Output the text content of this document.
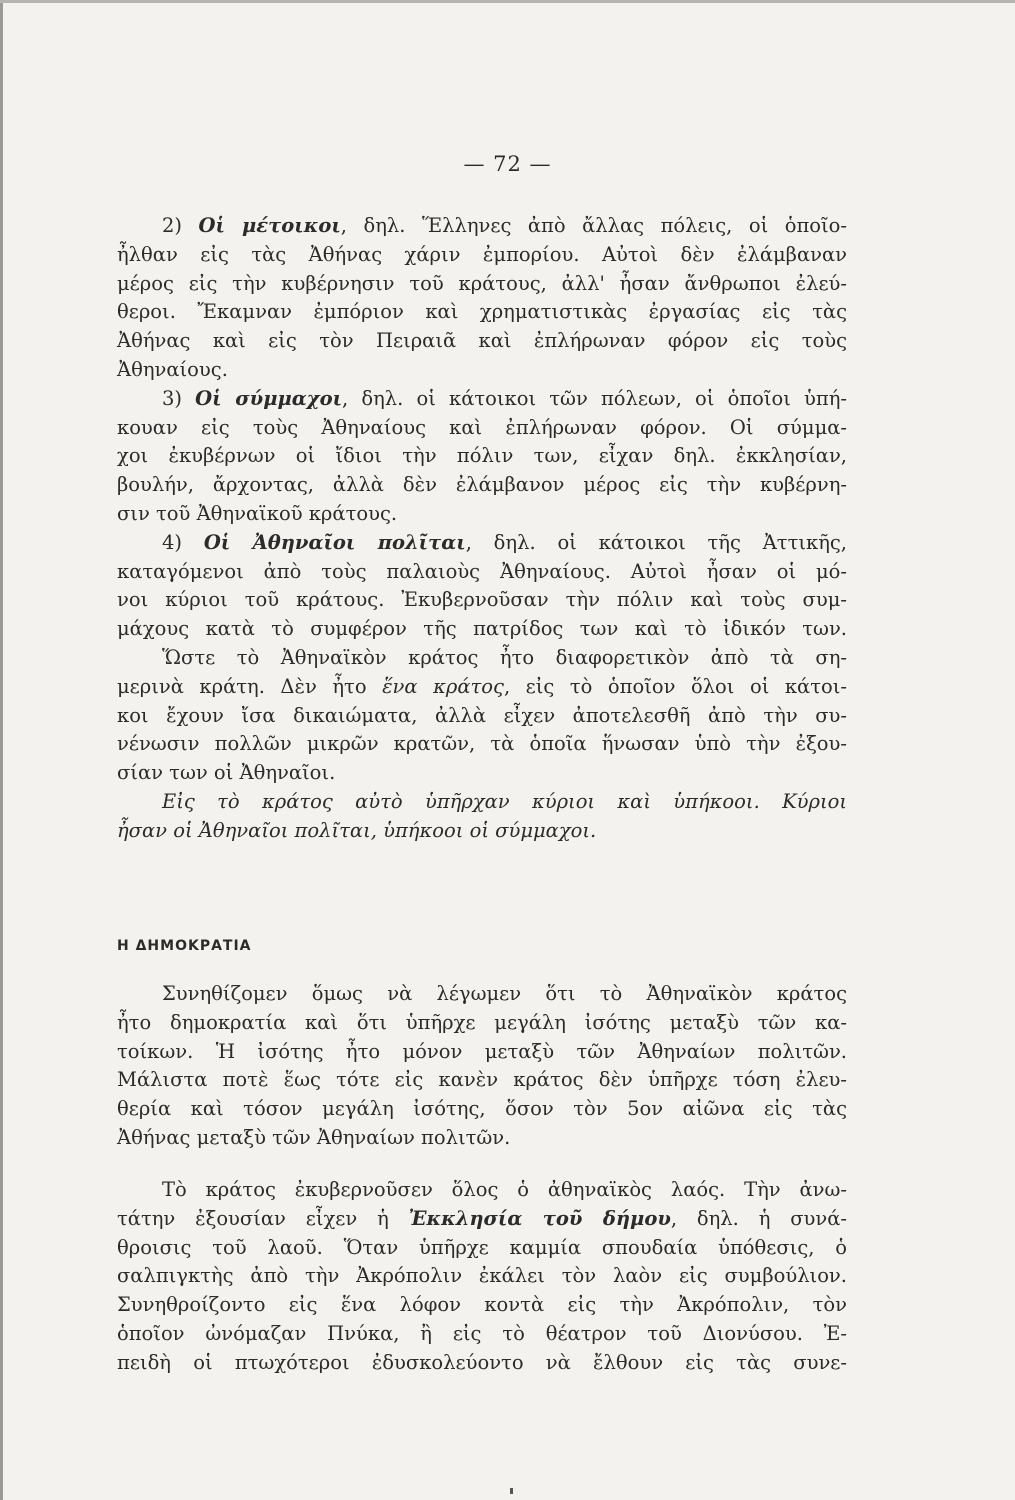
— 72 —
2) Οἱ μέτοικοι, δηλ. Ἕλληνες ἀπὸ ἄλλας πόλεις, οἱ ὁποῖο-
ἦλθαν εἰς τὰς Ἀθήνας χάριν ἐμπορίου. Αὐτοὶ δὲν ἐλάμβαναν
μέρος εἰς τὴν κυβέρνησιν τοῦ κράτους, ἀλλ' ἦσαν ἄνθρωποι ἐλεύ-
θεροι. Ἔκαμναν ἐμπόριον καὶ χρηματιστικὰς ἐργασίας εἰς τὰς
Ἀθήνας καὶ εἰς τὸν Πειραιᾶ καὶ ἐπλήρωναν φόρον εἰς τοὺς
Ἀθηναίους.
3) Οἱ σύμμαχοι, δηλ. οἱ κάτοικοι τῶν πόλεων, οἱ ὁποῖοι ὑπή-
κουαν εἰς τοὺς Ἀθηναίους καὶ ἐπλήρωναν φόρον. Οἱ σύμμα-
χοι ἐκυβέρνων οἱ ἴδιοι τὴν πόλιν των, εἶχαν δηλ. ἐκκλησίαν,
βουλήν, ἄρχοντας, ἀλλὰ δὲν ἐλάμβανον μέρος εἰς τὴν κυβέρνη-
σιν τοῦ Ἀθηναϊκοῦ κράτους.
4) Οἱ Ἀθηναῖοι πολῖται, δηλ. οἱ κάτοικοι τῆς Ἀττικῆς,
καταγόμενοι ἀπὸ τοὺς παλαιοὺς Ἀθηναίους. Αὐτοὶ ἦσαν οἱ μό-
νοι κύριοι τοῦ κράτους. Ἐκυβερνοῦσαν τὴν πόλιν καὶ τοὺς συμ-
μάχους κατὰ τὸ συμφέρον τῆς πατρίδος των καὶ τὸ ἰδικόν των.
Ὥστε τὸ Ἀθηναϊκὸν κράτος ἦτο διαφορετικὸν ἀπὸ τὰ ση-
μερινὰ κράτη. Δὲν ἦτο ἕνα κράτος, εἰς τὸ ὁποῖον ὅλοι οἱ κάτοι-
κοι ἔχουν ἴσα δικαιώματα, ἀλλὰ εἶχεν ἀποτελεσθῆ ἀπὸ τὴν συ-
νένωσιν πολλῶν μικρῶν κρατῶν, τὰ ὁποῖα ἥνωσαν ὑπὸ τὴν ἐξου-
σίαν των οἱ Ἀθηναῖοι.
Εἰς τὸ κράτος αὐτὸ ὑπῆρχαν κύριοι καὶ ὑπήκοοι. Κύριοι
ἦσαν οἱ Ἀθηναῖοι πολῖται, ὑπήκοοι οἱ σύμμαχοι.
Η ΔΗΜΟΚΡΑΤΙΑ
Συνηθίζομεν ὅμως νὰ λέγωμεν ὅτι τὸ Ἀθηναϊκὸν κράτος
ἦτο δημοκρατία καὶ ὅτι ὑπῆρχε μεγάλη ἰσότης μεταξὺ τῶν κα-
τοίκων. Ἡ ἰσότης ἦτο μόνον μεταξὺ τῶν Ἀθηναίων πολιτῶν.
Μάλιστα ποτὲ ἕως τότε εἰς κανὲν κράτος δὲν ὑπῆρχε τόση ἐλευ-
θερία καὶ τόσον μεγάλη ἰσότης, ὅσον τὸν 5ον αἰῶνα εἰς τὰς
Ἀθήνας μεταξὺ τῶν Ἀθηναίων πολιτῶν.
Τὸ κράτος ἐκυβερνοῦσεν ὅλος ὁ ἀθηναϊκὸς λαός. Τὴν ἀνω-
τάτην ἐξουσίαν εἶχεν ἡ Ἐκκλησία τοῦ δήμου, δηλ. ἡ συνά-
θροισις τοῦ λαοῦ. Ὅταν ὑπῆρχε καμμία σπουδαία ὑπόθεσις, ὁ
σαλπιγκτὴς ἀπὸ τὴν Ἀκρόπολιν ἐκάλει τὸν λαὸν εἰς συμβούλιον.
Συνηθροίζοντο εἰς ἕνα λόφον κοντὰ εἰς τὴν Ἀκρόπολιν, τὸν
ὁποῖον ὠνόμαζαν Πνύκα, ἢ εἰς τὸ θέατρον τοῦ Διονύσου. Ἐ-
πειδὴ οἱ πτωχότεροι ἐδυσκολεύοντο νὰ ἔλθουν εἰς τὰς συνε-
